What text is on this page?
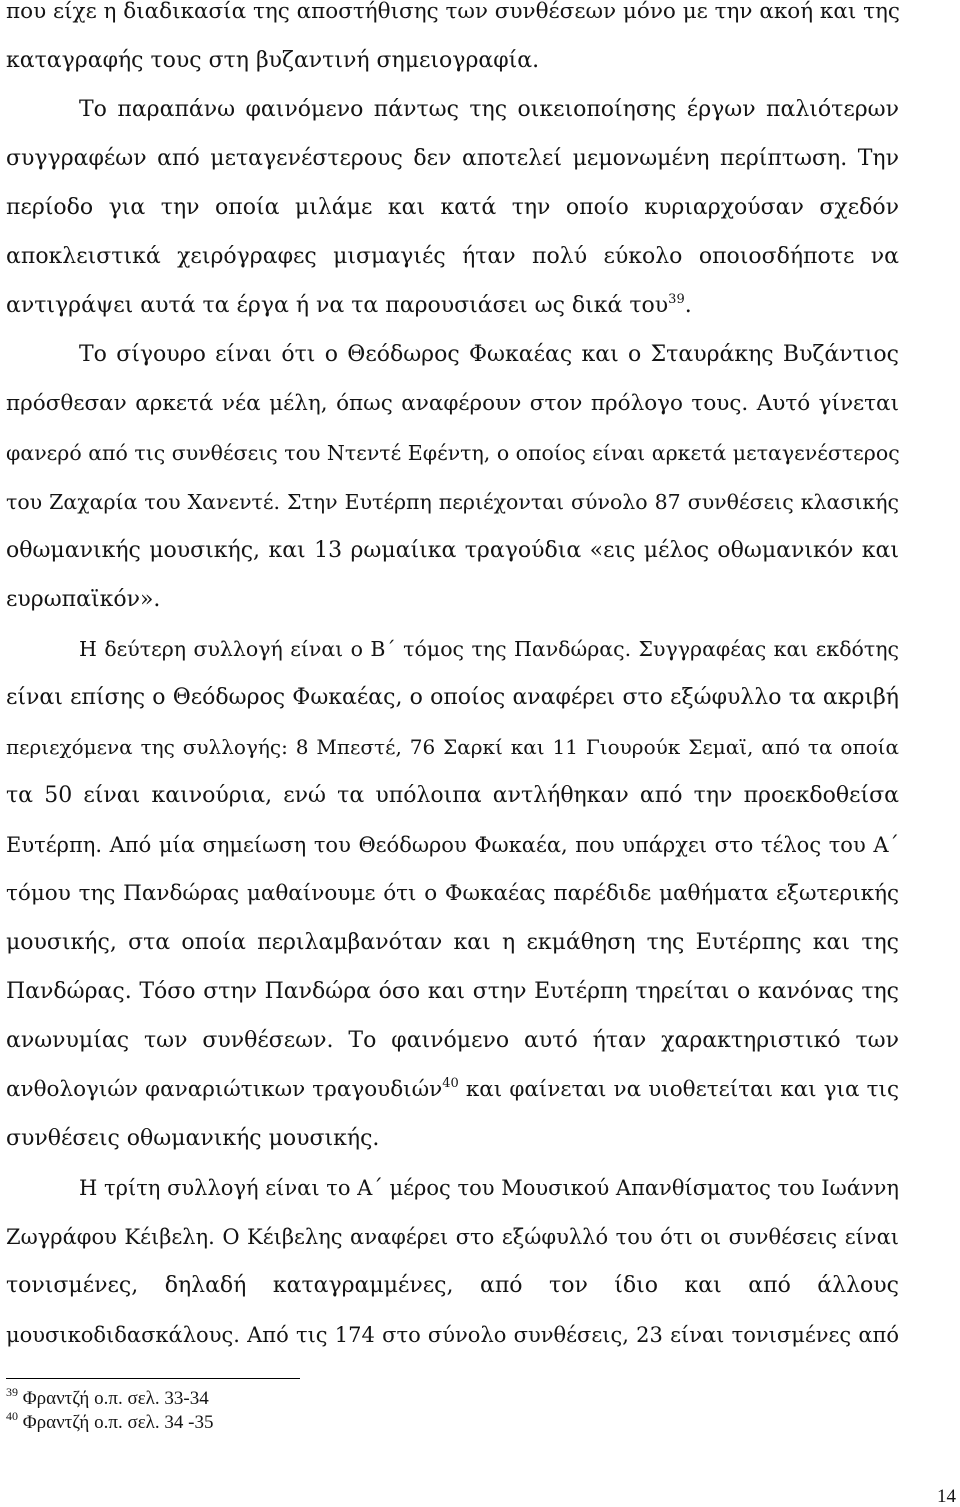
που είχε η διαδικασία της αποστήθισης των συνθέσεων μόνο με την ακοή και της
καταγραφής τους στη βυζαντινή σημειογραφία.
Το παραπάνω φαινόμενο πάντως της οικειοποίησης έργων παλιότερων
συγγραφέων από μεταγενέστερους δεν αποτελεί μεμονωμένη περίπτωση. Την
περίοδο για την οποία μιλάμε και κατά την οποίο κυριαρχούσαν σχεδόν
αποκλειστικά χειρόγραφες μισμαγιές ήταν πολύ εύκολο οποιοσδήποτε να
αντιγράψει αυτά τα έργα ή να τα παρουσιάσει ως δικά του$^{39}$.
Το σίγουρο είναι ότι ο Θεόδωρος Φωκαέας και ο Σταυράκης Βυζάντιος
πρόσθεσαν αρκετά νέα μέλη, όπως αναφέρουν στον πρόλογο τους. Αυτό γίνεται
φανερό από τις συνθέσεις του Ντεντέ Εφέντη, ο οποίος είναι αρκετά μεταγενέστερος
του Ζαχαρία του Χανεντέ. Στην Ευτέρπη περιέχονται σύνολο 87 συνθέσεις κλασικής
οθωμανικής μουσικής, και 13 ρωμαίικα τραγούδια «εις μέλος οθωμανικόν και
ευρωπαϊκόν».
Η δεύτερη συλλογή είναι ο Β΄ τόμος της Πανδώρας. Συγγραφέας και εκδότης
είναι επίσης ο Θεόδωρος Φωκαέας, ο οποίος αναφέρει στο εξώφυλλο τα ακριβή
περιεχόμενα της συλλογής: 8 Μπεστέ, 76 Σαρκί και 11 Γιουρούκ Σεμαϊ, από τα οποία
τα 50 είναι καινούρια, ενώ τα υπόλοιπα αντλήθηκαν από την προεκδοθείσα
Ευτέρπη. Από μία σημείωση του Θεόδωρου Φωκαέα, που υπάρχει στο τέλος του Α΄
τόμου της Πανδώρας μαθαίνουμε ότι ο Φωκαέας παρέδιδε μαθήματα εξωτερικής
μουσικής, στα οποία περιλαμβανόταν και η εκμάθηση της Ευτέρπης και της
Πανδώρας. Τόσο στην Πανδώρα όσο και στην Ευτέρπη τηρείται ο κανόνας της
ανωνυμίας των συνθέσεων. Το φαινόμενο αυτό ήταν χαρακτηριστικό των
ανθολογιών φαναριώτικων τραγουδιών$^{40}$ και φαίνεται να υιοθετείται και για τις
συνθέσεις οθωμανικής μουσικής.
Η τρίτη συλλογή είναι το Α΄ μέρος του Μουσικού Απανθίσματος του Ιωάννη
Ζωγράφου Κέιβελη. Ο Κέιβελης αναφέρει στο εξώφυλλό του ότι οι συνθέσεις είναι
τονισμένες, δηλαδή καταγραμμένες, από τον ίδιο και από άλλους
μουσικοδιδασκάλους. Από τις 174 στο σύνολο συνθέσεις, 23 είναι τονισμένες από
$^{39}$ Φραντζή ο.π. σελ. 33-34
$^{40}$ Φραντζή ο.π. σελ. 34 -35
14
